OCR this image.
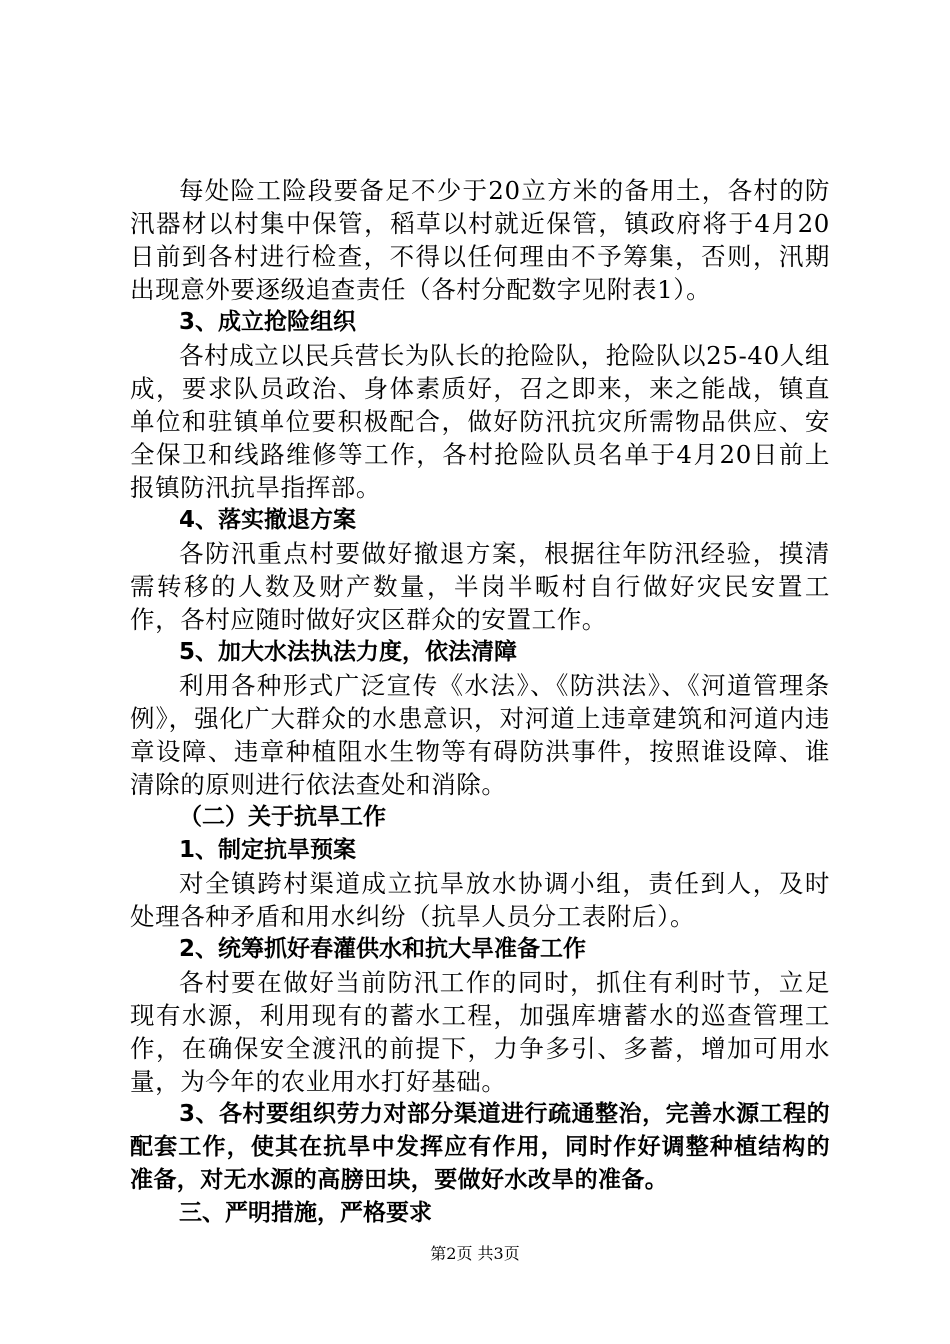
每处险工险段要备足不少于20立方米的备用土，各村的防汛器材以村集中保管，稻草以村就近保管，镇政府将于4月20日前到各村进行检查，不得以任何理由不予筹集，否则，汛期出现意外要逐级追查责任（各村分配数字见附表1）。

3、成立抢险组织

各村成立以民兵营长为队长的抢险队，抢险队以25-40人组成，要求队员政治、身体素质好，召之即来，来之能战，镇直单位和驻镇单位要积极配合，做好防汛抗灾所需物品供应、安全保卫和线路维修等工作，各村抢险队员名单于4月20日前上报镇防汛抗旱指挥部。

4、落实撤退方案

各防汛重点村要做好撤退方案，根据往年防汛经验，摸清需转移的人数及财产数量，半岗半畈村自行做好灾民安置工作，各村应随时做好灾区群众的安置工作。

5、加大水法执法力度，依法清障

利用各种形式广泛宣传《水法》、《防洪法》、《河道管理条例》，强化广大群众的水患意识，对河道上违章建筑和河道内违章设障、违章种植阻水生物等有碍防洪事件，按照谁设障、谁清除的原则进行依法查处和消除。

（二）关于抗旱工作

1、制定抗旱预案

对全镇跨村渠道成立抗旱放水协调小组，责任到人，及时处理各种矛盾和用水纠纷（抗旱人员分工表附后）。

2、统筹抓好春灌供水和抗大旱准备工作

各村要在做好当前防汛工作的同时，抓住有利时节，立足现有水源，利用现有的蓄水工程，加强库塘蓄水的巡查管理工作，在确保安全渡汛的前提下，力争多引、多蓄，增加可用水量，为今年的农业用水打好基础。

3、各村要组织劳力对部分渠道进行疏通整治，完善水源工程的配套工作，使其在抗旱中发挥应有作用，同时作好调整种植结构的准备，对无水源的高膀田块，要做好水改旱的准备。

三、严明措施，严格要求

第2页 共3页
